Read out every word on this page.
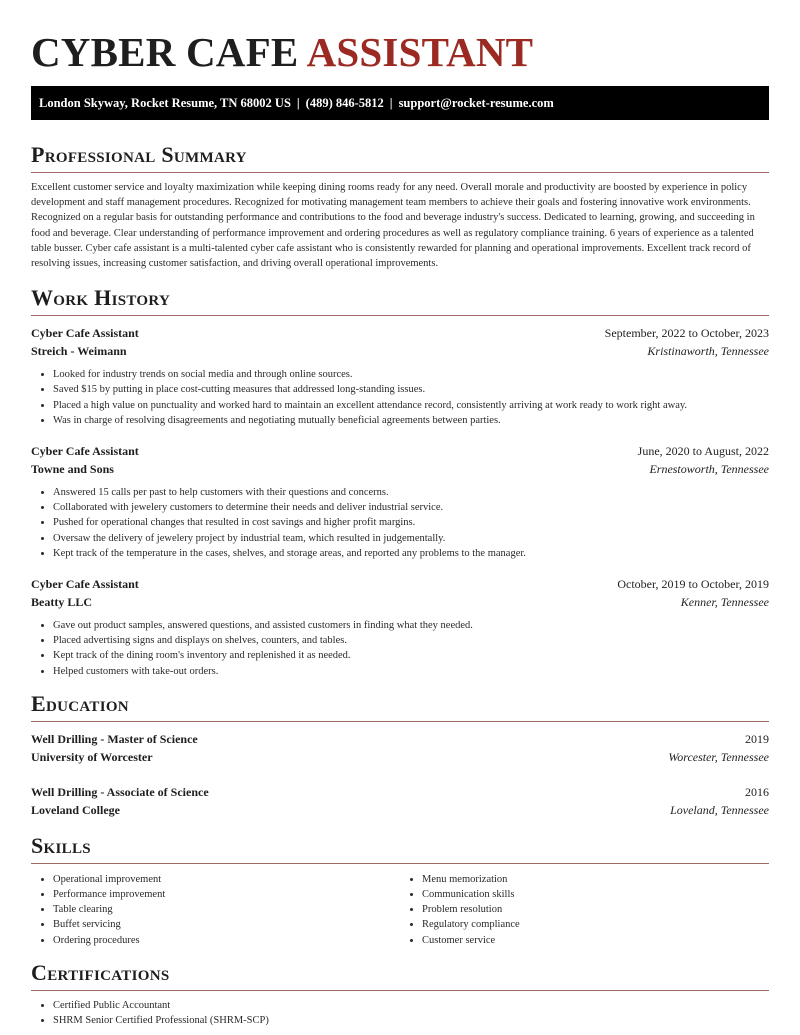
CYBER CAFE ASSISTANT
London Skyway, Rocket Resume, TN 68002 US | (489) 846-5812 | support@rocket-resume.com
Professional Summary

Excellent customer service and loyalty maximization while keeping dining rooms ready for any need. Overall morale and productivity are boosted by experience in policy development and staff management procedures. Recognized for motivating management team members to achieve their goals and fostering innovative work environments. Recognized on a regular basis for outstanding performance and contributions to the food and beverage industry's success. Dedicated to learning, growing, and succeeding in food and beverage. Clear understanding of performance improvement and ordering procedures as well as regulatory compliance training. 6 years of experience as a talented table busser. Cyber cafe assistant is a multi-talented cyber cafe assistant who is consistently rewarded for planning and operational improvements. Excellent track record of resolving issues, increasing customer satisfaction, and driving overall operational improvements.

Work History
Cyber Cafe Assistant	September, 2022 to October, 2023
Streich - Weimann	Kristinaworth, Tennessee
• Looked for industry trends on social media and through online sources.
• Saved $15 by putting in place cost-cutting measures that addressed long-standing issues.
• Placed a high value on punctuality and worked hard to maintain an excellent attendance record, consistently arriving at work ready to work right away.
• Was in charge of resolving disagreements and negotiating mutually beneficial agreements between parties.
Cyber Cafe Assistant	June, 2020 to August, 2022
Towne and Sons	Ernestoworth, Tennessee
• Answered 15 calls per past to help customers with their questions and concerns.
• Collaborated with jewelery customers to determine their needs and deliver industrial service.
• Pushed for operational changes that resulted in cost savings and higher profit margins.
• Oversaw the delivery of jewelery project by industrial team, which resulted in judgementally.
• Kept track of the temperature in the cases, shelves, and storage areas, and reported any problems to the manager.
Cyber Cafe Assistant	October, 2019 to October, 2019
Beatty LLC	Kenner, Tennessee
• Gave out product samples, answered questions, and assisted customers in finding what they needed.
• Placed advertising signs and displays on shelves, counters, and tables.
• Kept track of the dining room's inventory and replenished it as needed.
• Helped customers with take-out orders.
Education
Well Drilling - Master of Science	2019
University of Worcester	Worcester, Tennessee
Well Drilling - Associate of Science	2016
Loveland College	Loveland, Tennessee
Skills
• Operational improvement
• Performance improvement
• Table clearing
• Buffet servicing
• Ordering procedures
• Menu memorization
• Communication skills
• Problem resolution
• Regulatory compliance
• Customer service
Certifications
• Certified Public Accountant
• SHRM Senior Certified Professional (SHRM-SCP)
